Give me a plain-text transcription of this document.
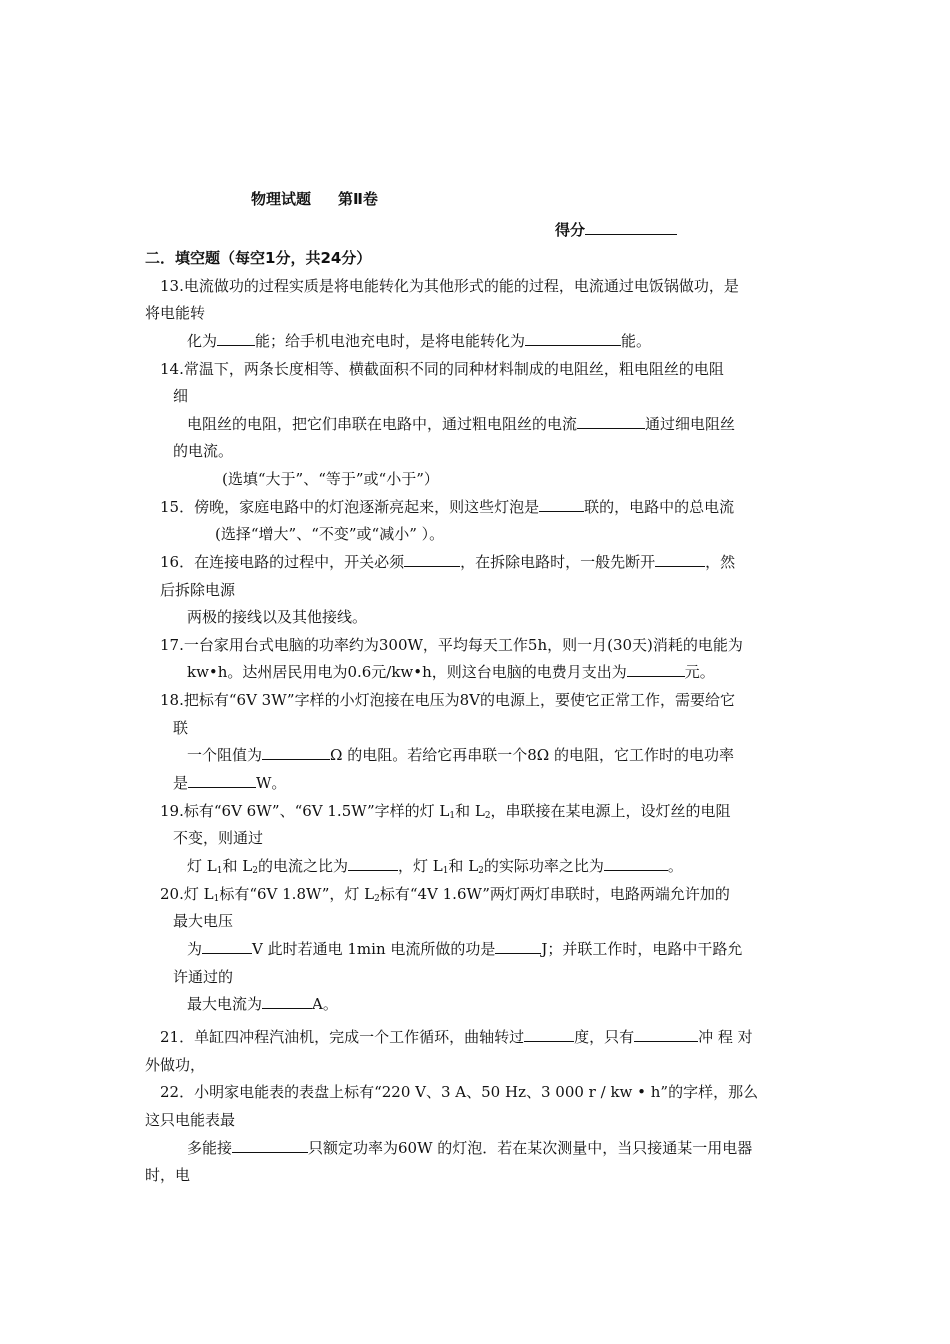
物理试题 第Ⅱ卷
得分
二．填空题（每空1分，共24分）
13.电流做功的过程实质是将电能转化为其他形式的能的过程，电流通过电饭锅做功，是
将电能转
化为	能；给手机电池充电时，是将电能转化为	能。
14.常温下，两条长度相等、横截面积不同的同种材料制成的电阻丝，粗电阻丝的电阻
细
电阻丝的电阻，把它们串联在电路中，通过粗电阻丝的电流	通过细电阻丝
的电流。
(选填“大于”、“等于”或“小于”）
15．傍晚，家庭电路中的灯泡逐渐亮起来，则这些灯泡是	联的，电路中的总电流
(选择“增大”、“不变”或“减小” ）。
16．在连接电路的过程中，开关必须	，在拆除电路时，一般先断开	，然
后拆除电源
两极的接线以及其他接线。
17.一台家用台式电脑的功率约为300W，平均每天工作5h，则一月(30天)消耗的电能为
kw•h。达州居民用电为0.6元/kw•h，则这台电脑的电费月支出为	元。
18.把标有“6V 3W”字样的小灯泡接在电压为8V的电源上，要使它正常工作，需要给它
联
一个阻值为	Ω 的电阻。若给它再串联一个8Ω 的电阻，它工作时的电功率
是	W。
19.标有“6V 6W”、“6V 1.5W”字样的灯 $L_1$和 $L_2$，串联接在某电源上，设灯丝的电阻
不变，则通过
灯 $L_1$和 $L_2$的电流之比为	，灯 $L_1$和 $L_2$的实际功率之比为	。
20.灯 $L_1$标有“6V 1.8W”，灯 $L_2$标有“4V 1.6W”两灯两灯串联时，电路两端允许加的
最大电压
为	V 此时若通电 1min 电流所做的功是	J；并联工作时，电路中干路允
许通过的
最大电流为	A。
21．单缸四冲程汽油机，完成一个工作循环，曲轴转过	度，只有	冲 程 对
外做功，
22．小明家电能表的表盘上标有“220 V、3 A、50 Hz、3 000 r / kw • h”的字样，那么
这只电能表最
多能接	只额定功率为60W 的灯泡．若在某次测量中，当只接通某一用电器
时，电
